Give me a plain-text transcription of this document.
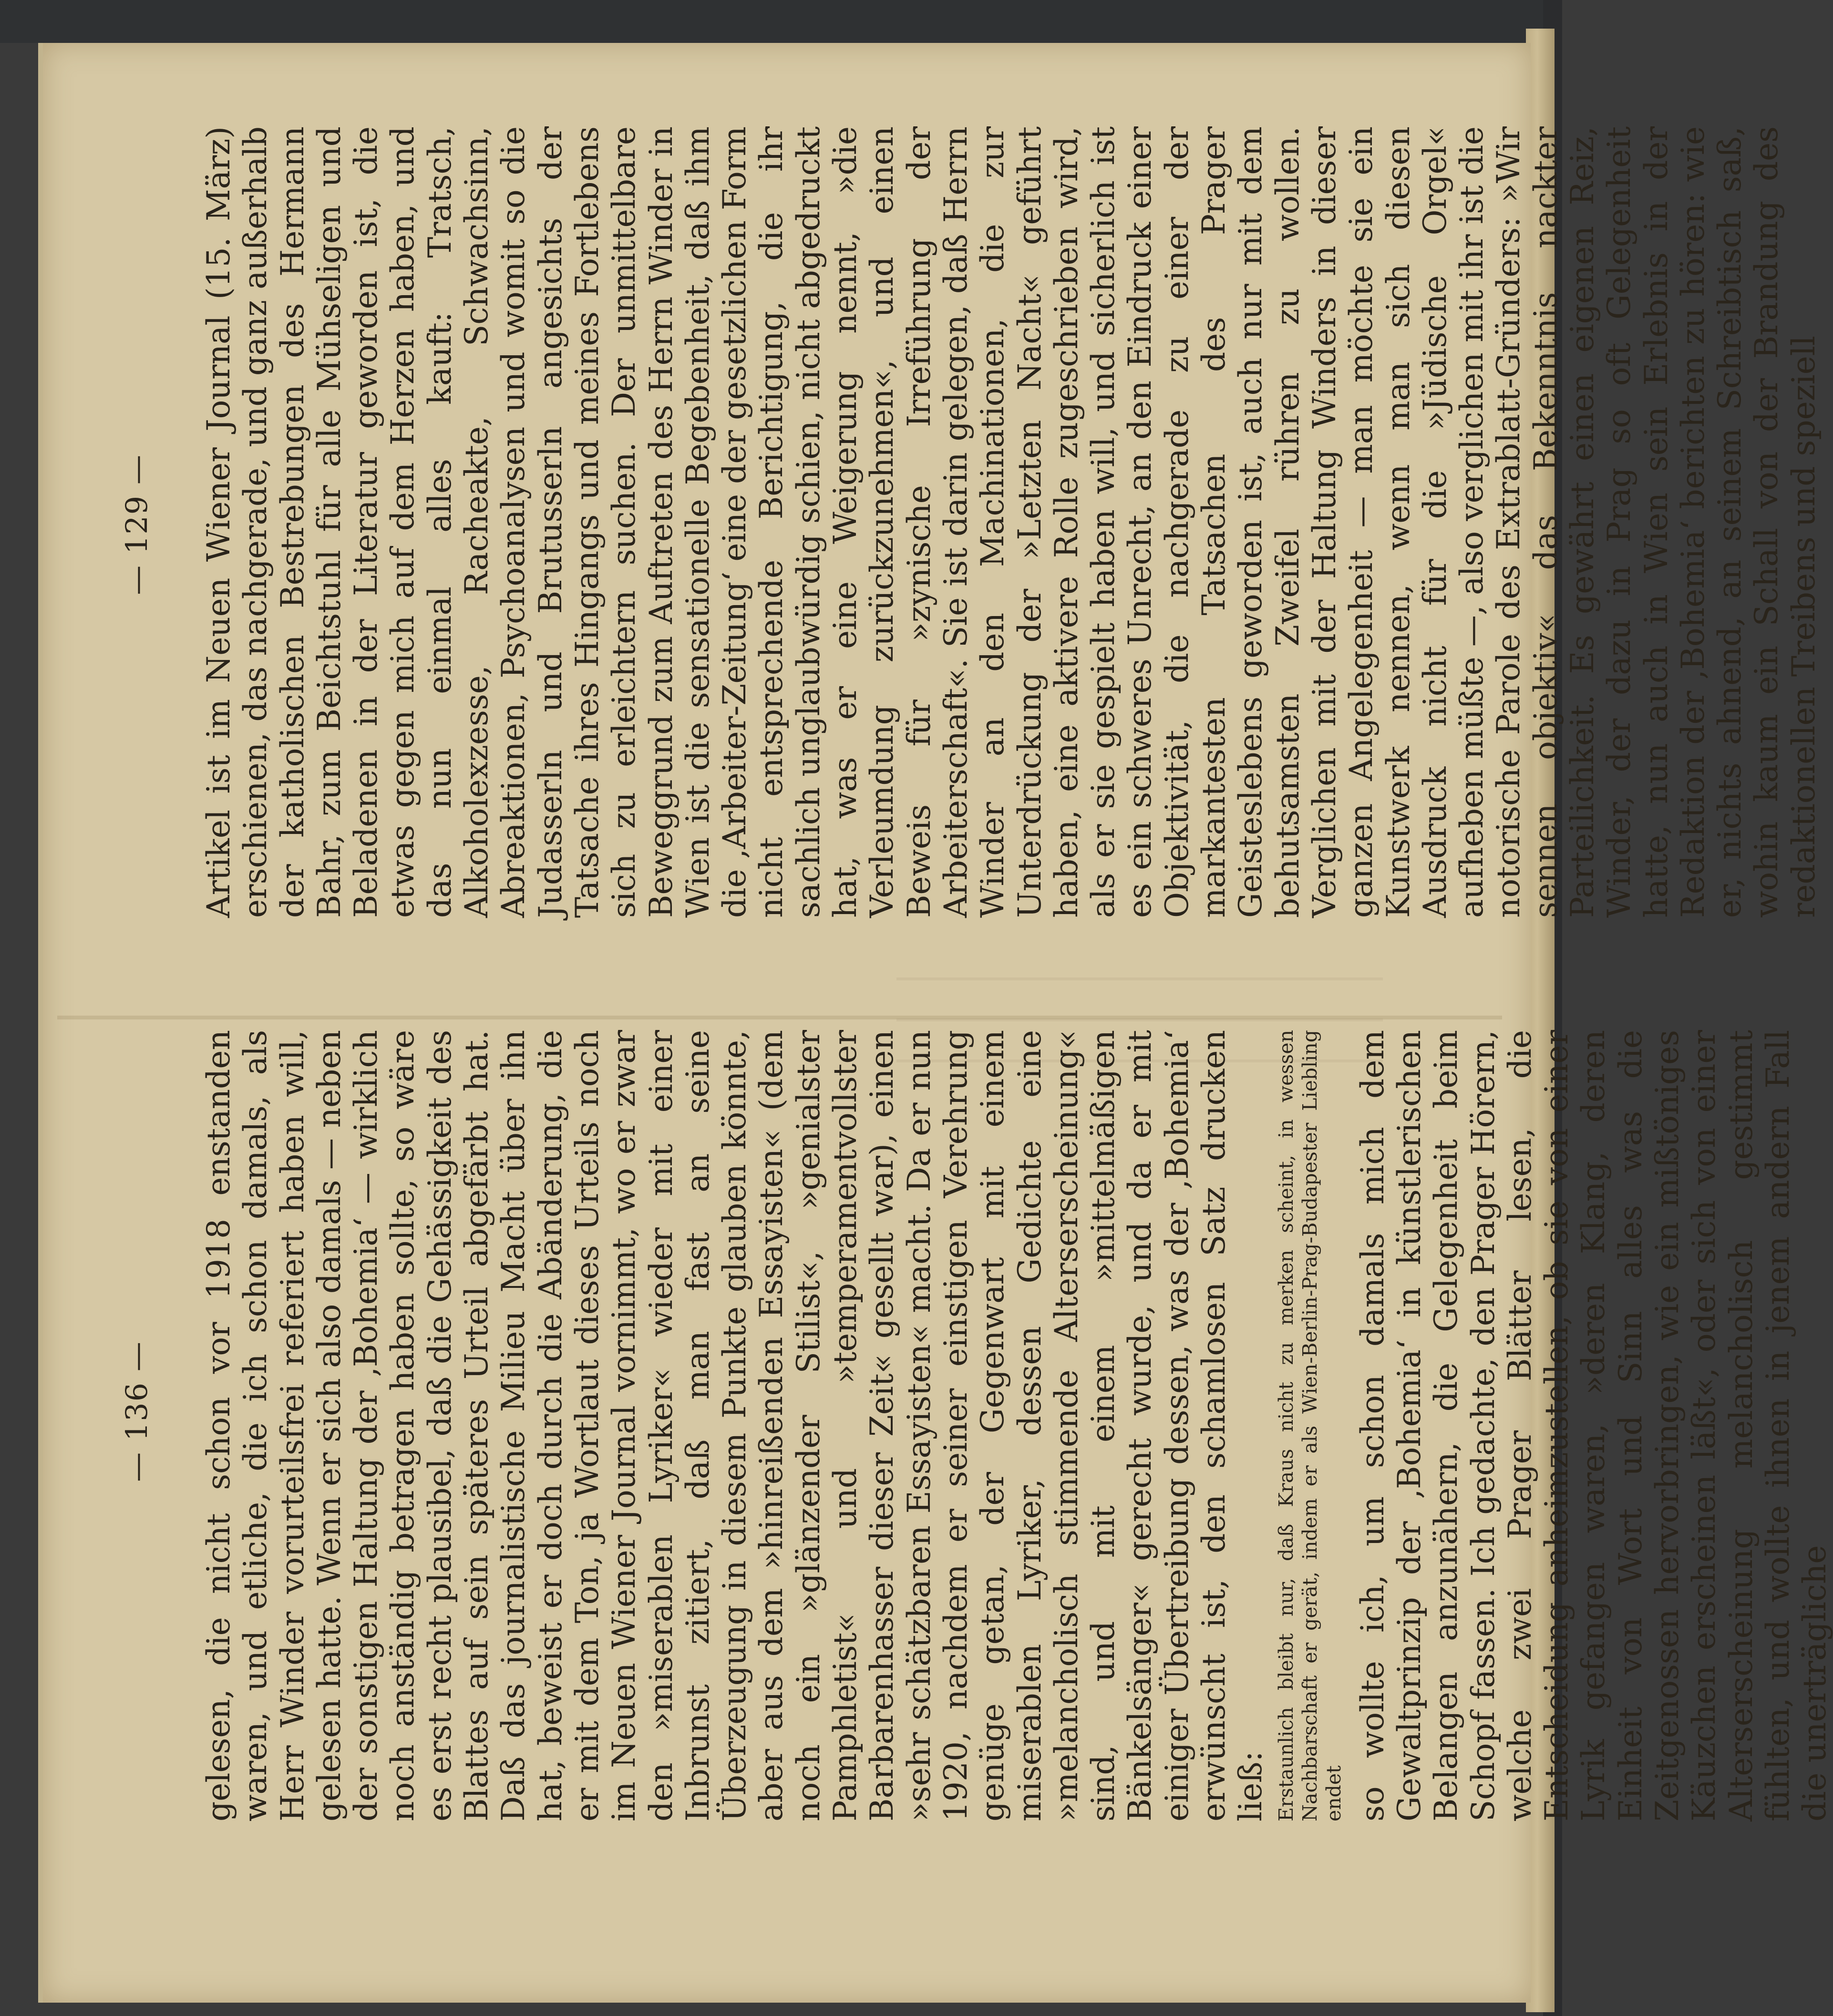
— 136 — gelesen, die nicht schon vor 1918 enstanden waren, und etliche, die ich schon damals, als Herr Winder vorurteilsfrei referiert haben will, gelesen hatte. Wenn er sich also damals — neben der sonstigen Haltung der ‚Bohemia‘ — wirklich noch anständig betragen haben sollte, so wäre es erst recht plausibel, daß die Gehässigkeit des Blattes auf sein späteres Urteil abgefärbt hat. Daß das journalistische Milieu Macht über ihn hat, beweist er doch durch die Abänderung, die er mit dem Ton, ja Wortlaut dieses Urteils noch im Neuen Wiener Journal vornimmt, wo er zwar den »miserablen Lyriker« wieder mit einer Inbrunst zitiert, daß man fast an seine Überzeugung in diesem Punkte glauben könnte, aber aus dem »hinreißenden Essayisten« (dem noch ein »glänzender Stilist«, »genialster Pamphletist« und »temperamentvollster Barbarenhasser dieser Zeit« gesellt war), einen »sehr schätzbaren Essayisten« macht. Da er nun 1920, nachdem er seiner einstigen Verehrung genüge getan, der Gegenwart mit einem miserablen Lyriker, dessen Gedichte eine »melancholisch stimmende Alterserscheinung« sind, und mit einem »mittelmäßigen Bänkelsänger« gerecht wurde, und da er mit einiger Übertreibung dessen, was der ‚Bohemia‘ erwünscht ist, den schamlosen Satz drucken ließ: Erstaunlich bleibt nur, daß Kraus nicht zu merken scheint, in wessen Nachbarschaft er gerät, indem er als Wien-Berlin-Prag-Budapester Liebling endet so wollte ich, um schon damals mich dem Gewaltprinzip der ‚Bohemia‘ in künstlerischen Belangen anzunähern, die Gelegenheit beim Schopf fassen. Ich gedachte, den Prager Hörern, welche zwei Prager Blätter lesen, die Entscheidung anheimzustellen, ob sie von einer Lyrik gefangen waren, »deren Klang, deren Einheit von Wort und Sinn alles was die Zeitgenossen hervorbringen, wie ein mißtöniges Käuzchen erscheinen läßt«, oder sich von einer Alterserscheinung melancholisch gestimmt fühlten, und wollte ihnen in jenem andern Fall die unerträgliche

— 129 — Artikel ist im Neuen Wiener Journal (15. März) erschienen, das nachgerade, und ganz außerhalb der katholischen Bestrebungen des Hermann Bahr, zum Beichtstuhl für alle Mühseligen und Beladenen in der Literatur geworden ist, die etwas gegen mich auf dem Herzen haben, und das nun einmal alles kauft: Tratsch, Alkoholexzesse, Racheakte, Schwachsinn, Abreaktionen, Psychoanalysen und womit so die Judasserln und Brutusserln angesichts der Tatsache ihres Hingangs und meines Fortlebens sich zu erleichtern suchen. Der unmittelbare Beweggrund zum Auftreten des Herrn Winder in Wien ist die sensationelle Begebenheit, daß ihm die ‚Arbeiter-Zeitung‘ eine der gesetzlichen Form nicht entsprechende Berichtigung, die ihr sachlich unglaubwürdig schien, nicht abgedruckt hat, was er eine Weigerung nennt, »die Verleumdung zurückzunehmen«, und einen Beweis für »zynische Irreführung der Arbeiterschaft«. Sie ist darin gelegen, daß Herrn Winder an den Machinationen, die zur Unterdrückung der »Letzten Nacht« geführt haben, eine aktivere Rolle zugeschrieben wird, als er sie gespielt haben will, und sicherlich ist es ein schweres Unrecht, an den Eindruck einer Objektivität, die nachgerade zu einer der markantesten Tatsachen des Prager Geisteslebens geworden ist, auch nur mit dem behutsamsten Zweifel rühren zu wollen. Verglichen mit der Haltung Winders in dieser ganzen Angelegenheit — man möchte sie ein Kunstwerk nennen, wenn man sich diesen Ausdruck nicht für die »Jüdische Orgel« aufheben müßte —, also verglichen mit ihr ist die notorische Parole des Extrablatt-Gründers: »Wir sennen objektiv« das Bekenntnis nackter Parteilichkeit. Es gewährt einen eigenen Reiz, Winder, der dazu in Prag so oft Gelegenheit hatte, nun auch in Wien sein Erlebnis in der Redaktion der ‚Bohemia‘ berichten zu hören: wie er, nichts ahnend, an seinem Schreibtisch saß, wohin kaum ein Schall von der Brandung des redaktionellen Treibens und speziell
